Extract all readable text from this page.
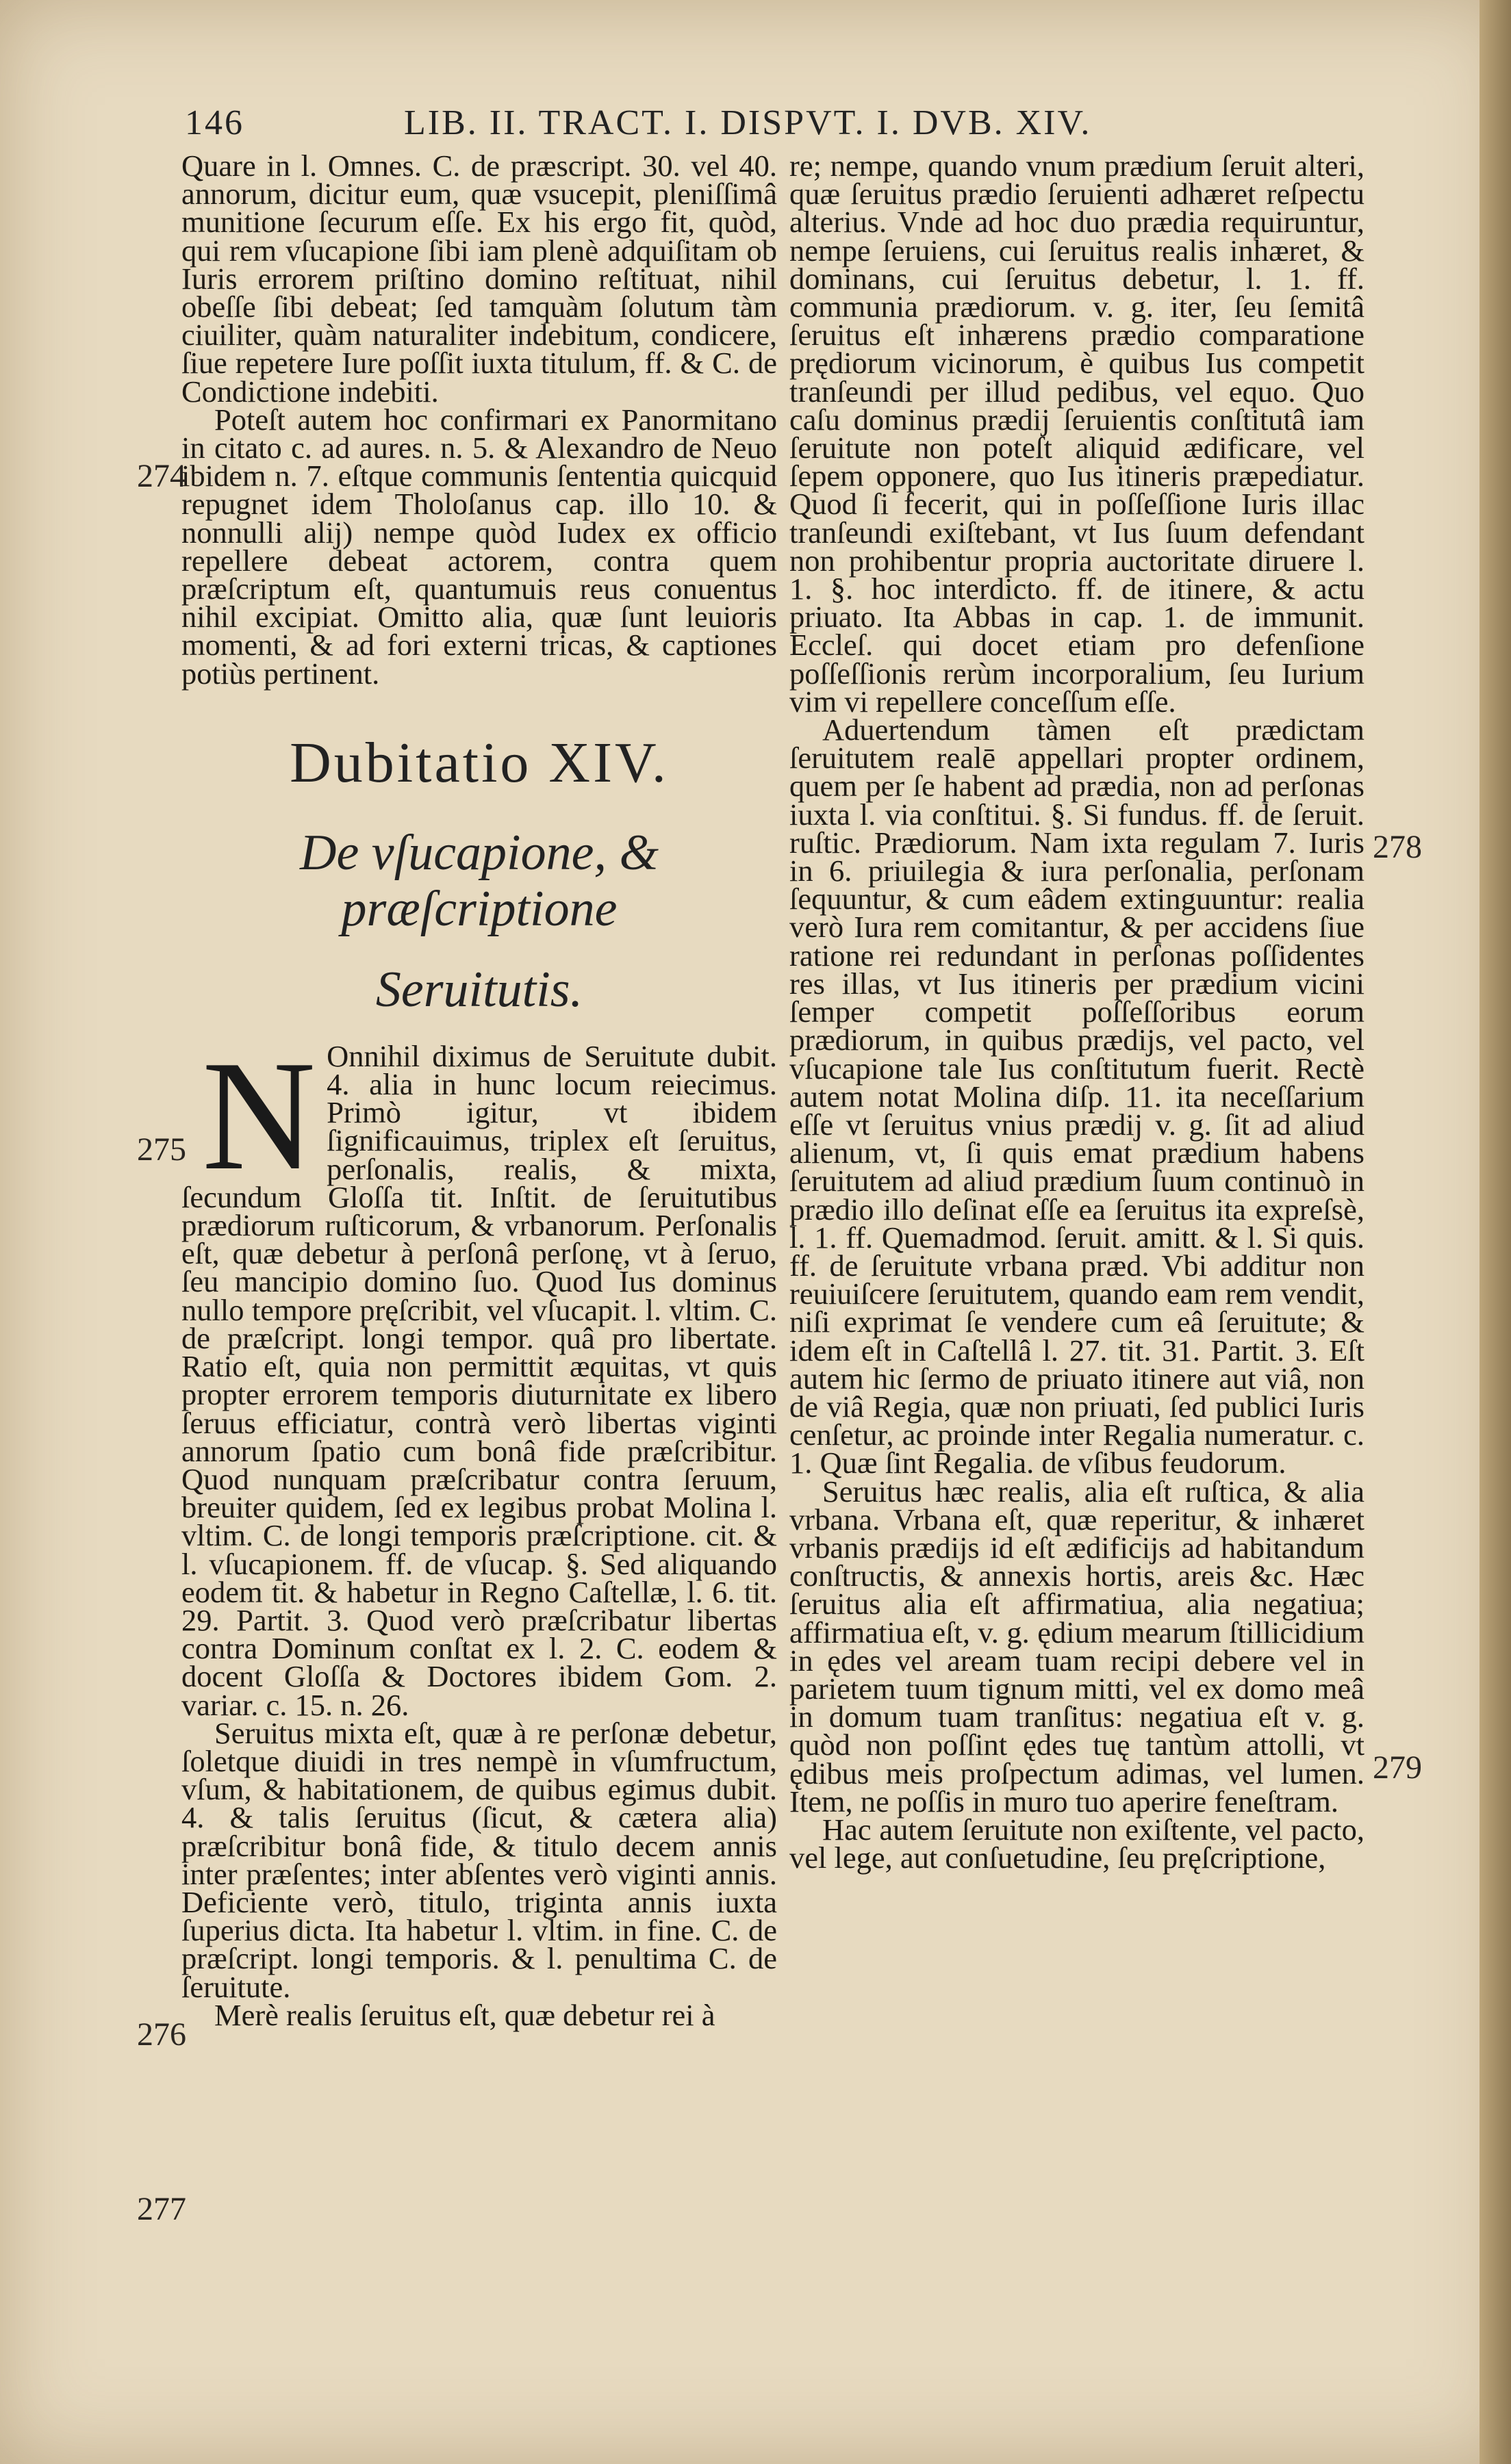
146	LIB. II. TRACT. I. DISPVT. I. DVB. XIV.

Quare in l. Omnes. C. de præscript. 30. vel 40. annorum, dicitur eum, quæ vsucepit, pleniſſimâ munitione ſecurum eſſe. Ex his ergo fit, quòd, qui rem vſucapione ſibi iam plenè adquiſitam ob Iuris errorem priſtino domino reſtituat, nihil obeſſe ſibi debeat; ſed tamquàm ſolutum tàm ciuiliter, quàm naturaliter indebitum, condicere, ſiue repetere Iure poſſit iuxta titulum, ff. & C. de Condictione indebiti.

Poteſt autem hoc confirmari ex Panormitano in citato c. ad aures. n. 5. & Alexandro de Neuo ibidem n. 7. eſtque communis ſententia quicquid repugnet idem Tholoſanus cap. illo 10. & nonnulli alij) nempe quòd Iudex ex officio repellere debeat actorem, contra quem præſcriptum eſt, quantumuis reus conuentus nihil excipiat. Omitto alia, quæ ſunt leuioris momenti, & ad fori externi tricas, & captiones potiùs pertinent.

Dubitatio XIV.
De vſucapione, & præſcriptione
Seruitutis.
N Onnihil diximus de Seruitute dubit. 4. alia in hunc locum reiecimus. Primò igitur, vt ibidem ſignificauimus, triplex eſt ſeruitus, perſonalis, realis, & mixta, ſecundum Gloſſa tit. Inſtit. de ſeruitutibus prædiorum ruſticorum, & vrbanorum. Perſonalis eſt, quæ debetur à perſonâ perſonę, vt à ſeruo, ſeu mancipio domino ſuo. Quod Ius dominus nullo tempore pręſcribit, vel vſucapit. l. vltim. C. de præſcript. longi tempor. quâ pro libertate. Ratio eſt, quia non permittit æquitas, vt quis propter errorem temporis diuturnitate ex libero ſeruus efficiatur, contrà verò libertas viginti annorum ſpatio cum bonâ fide præſcribitur. Quod nunquam præſcribatur contra ſeruum, breuiter quidem, ſed ex legibus probat Molina l. vltim. C. de longi temporis præſcriptione. cit. & l. vſucapionem. ff. de vſucap. §. Sed aliquando eodem tit. & habetur in Regno Caſtellæ, l. 6. tit. 29. Partit. 3. Quod verò præſcribatur libertas contra Dominum conſtat ex l. 2. C. eodem & docent Gloſſa & Doctores ibidem Gom. 2. variar. c. 15. n. 26.

Seruitus mixta eſt, quæ à re perſonæ debetur, ſoletque diuidi in tres nempè in vſumfructum, vſum, & habitationem, de quibus egimus dubit. 4. & talis ſeruitus (ſicut, & cætera alia) præſcribitur bonâ fide, & titulo decem annis inter præſentes; inter abſentes verò viginti annis. Deficiente verò, titulo, triginta annis iuxta ſuperius dicta. Ita habetur l. vltim. in fine. C. de præſcript. longi temporis. & l. penultima C. de ſeruitute.

Merè realis ſeruitus eſt, quæ debetur rei à

re; nempe, quando vnum prædium ſeruit alteri, quæ ſeruitus prædio ſeruienti adhæret reſpectu alterius. Vnde ad hoc duo prædia requiruntur, nempe ſeruiens, cui ſeruitus realis inhæret, & dominans, cui ſeruitus debetur, l. 1. ff. communia prædiorum. v. g. iter, ſeu ſemitâ ſeruitus eſt inhærens prædio comparatione prędiorum vicinorum, è quibus Ius competit tranſeundi per illud pedibus, vel equo. Quo caſu dominus prædij ſeruientis conſtitutâ iam ſeruitute non poteſt aliquid ædificare, vel ſepem opponere, quo Ius itineris præpediatur. Quod ſi fecerit, qui in poſſeſſione Iuris illac tranſeundi exiſtebant, vt Ius ſuum defendant non prohibentur propria auctoritate diruere l. 1. §. hoc interdicto. ff. de itinere, & actu priuato. Ita Abbas in cap. 1. de immunit. Eccleſ. qui docet etiam pro defenſione poſſeſſionis rerùm incorporalium, ſeu Iurium vim vi repellere conceſſum eſſe.

Aduertendum tàmen eſt prædictam ſeruitutem realē appellari propter ordinem, quem per ſe habent ad prædia, non ad perſonas iuxta l. via conſtitui. §. Si fundus. ff. de ſeruit. ruſtic. Prædiorum. Nam ixta regulam 7. Iuris in 6. priuilegia & iura perſonalia, perſonam ſequuntur, & cum eâdem extinguuntur: realia verò Iura rem comitantur, & per accidens ſiue ratione rei redundant in perſonas poſſidentes res illas, vt Ius itineris per prædium vicini ſemper competit poſſeſſoribus eorum prædiorum, in quibus prædijs, vel pacto, vel vſucapione tale Ius conſtitutum fuerit. Rectè autem notat Molina diſp. 11. ita neceſſarium eſſe vt ſeruitus vnius prædij v. g. ſit ad aliud alienum, vt, ſi quis emat prædium habens ſeruitutem ad aliud prædium ſuum continuò in prædio illo deſinat eſſe ea ſeruitus ita expreſsè, l. 1. ff. Quemadmod. ſeruit. amitt. & l. Si quis. ff. de ſeruitute vrbana præd. Vbi additur non reuiuiſcere ſeruitutem, quando eam rem vendit, niſi exprimat ſe vendere cum eâ ſeruitute; & idem eſt in Caſtellâ l. 27. tit. 31. Partit. 3. Eſt autem hic ſermo de priuato itinere aut viâ, non de viâ Regia, quæ non priuati, ſed publici Iuris cenſetur, ac proinde inter Regalia numeratur. c. 1. Quæ ſint Regalia. de vſibus feudorum.

Seruitus hæc realis, alia eſt ruſtica, & alia vrbana. Vrbana eſt, quæ reperitur, & inhæret vrbanis prædijs id eſt ædificijs ad habitandum conſtructis, & annexis hortis, areis &c. Hæc ſeruitus alia eſt affirmatiua, alia negatiua; affirmatiua eſt, v. g. ędium mearum ſtillicidium in ędes vel aream tuam recipi debere vel in parietem tuum tignum mitti, vel ex domo meâ in domum tuam tranſitus: negatiua eſt v. g. quòd non poſſint ędes tuę tantùm attolli, vt ędibus meis proſpectum adimas, vel lumen. Item, ne poſſis in muro tuo aperire feneſtram.

Hac autem ſeruitute non exiſtente, vel pacto, vel lege, aut conſuetudine, ſeu pręſcriptione,

274
275
276
277
278
279
